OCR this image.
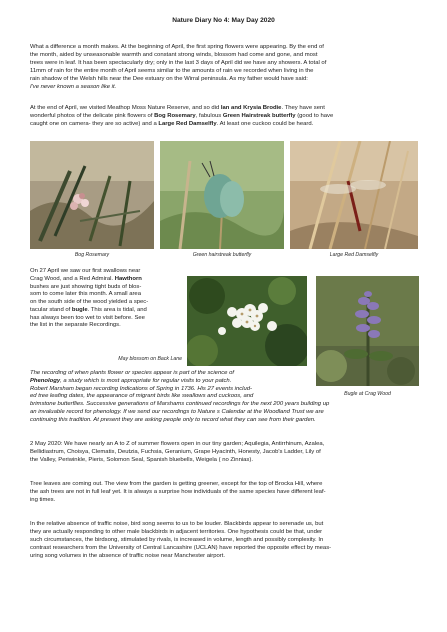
Nature Diary No 4: May Day 2020
What a difference a month makes. At the beginning of April, the first spring flowers were appearing. By the end of
the month, aided by unseasonable warmth and constant strong winds, blossom had come and gone, and most
trees were in leaf. It has been spectacularly dry; only in the last 3 days of April did we have any showers. A total of
11mm of rain for the entire month of April seems similar to the amounts of rain we recorded when living in the
rain shadow of the Welsh hills near the Dee estuary on the Wirral peninsula. As my father would have said:
I've never known a season like it.
At the end of April, we visited Meathop Moss Nature Reserve, and so did Ian and Krysia Brodie. They have sent
wonderful photos of the delicate pink flowers of Bog Rosemary, fabulous Green Hairstreak butterfly (good to have
caught one on camera- they are so active) and a Large Red Damselfly. At least one cuckoo could be heard.
Bog Rosemary	Green hairstreak butterfly	Large Red Damselfly
On 27 April we saw our first swallows near
Crag Wood, and a Red Admiral. Hawthorn
bushes are just showing tight buds of blos-
som to come later this month. A small area
on the south side of the wood yielded a spec-
tacular stand of bugle. This area is tidal, and
has always been too wet to visit before. See
the list in the separate Recordings.
May blossom on Back Lane
Bugle at Crag Wood
The recording of when plants flower or species appear is part of the science of
Phenology, a study which is most appropriate for regular visits to your patch.
Robert Marsham began recording Indications of Spring in 1736. His 27 events includ-
ed tree leafing dates, the appearance of migrant birds like swallows and cuckoos, and
brimstone butterflies. Successive generations of Marshams continued recordings for the next 200 years building up
an invaluable record for phenology. If we send our recordings to Nature s Calendar at the Woodland Trust we are
continuing this tradition. At present they are asking people only to record what they can see from their garden.
2 May 2020: We have nearly an A to Z of summer flowers open in our tiny garden; Aquilegia, Antirrhinum, Azalea,
Bellidiastrum, Choisya, Clematis, Deutzia, Fuchsia, Geranium, Grape Hyacinth, Honesty, Jacob's Ladder, Lily of
the Valley, Periwinkle, Pieris, Solomon Seal, Spanish bluebells, Weigela ( no Zinnias).
Tree leaves are coming out. The view from the garden is getting greener, except for the top of Brocka Hill, where
the ash trees are not in full leaf yet. It is always a surprise how individuals of the same species have different leaf-
ing times.
In the relative absence of traffic noise, bird song seems to us to be louder. Blackbirds appear to serenade us, but
they are actually responding to other male blackbirds in adjacent territories. One hypothesis could be that, under
such circumstances, the birdsong, stimulated by rivals, is increased in volume, length and possibly complexity. In
contrast researchers from the University of Central Lancashire (UCLAN) have reported the opposite effect by meas-
uring song volumes in the absence of traffic noise near Manchester airport.
